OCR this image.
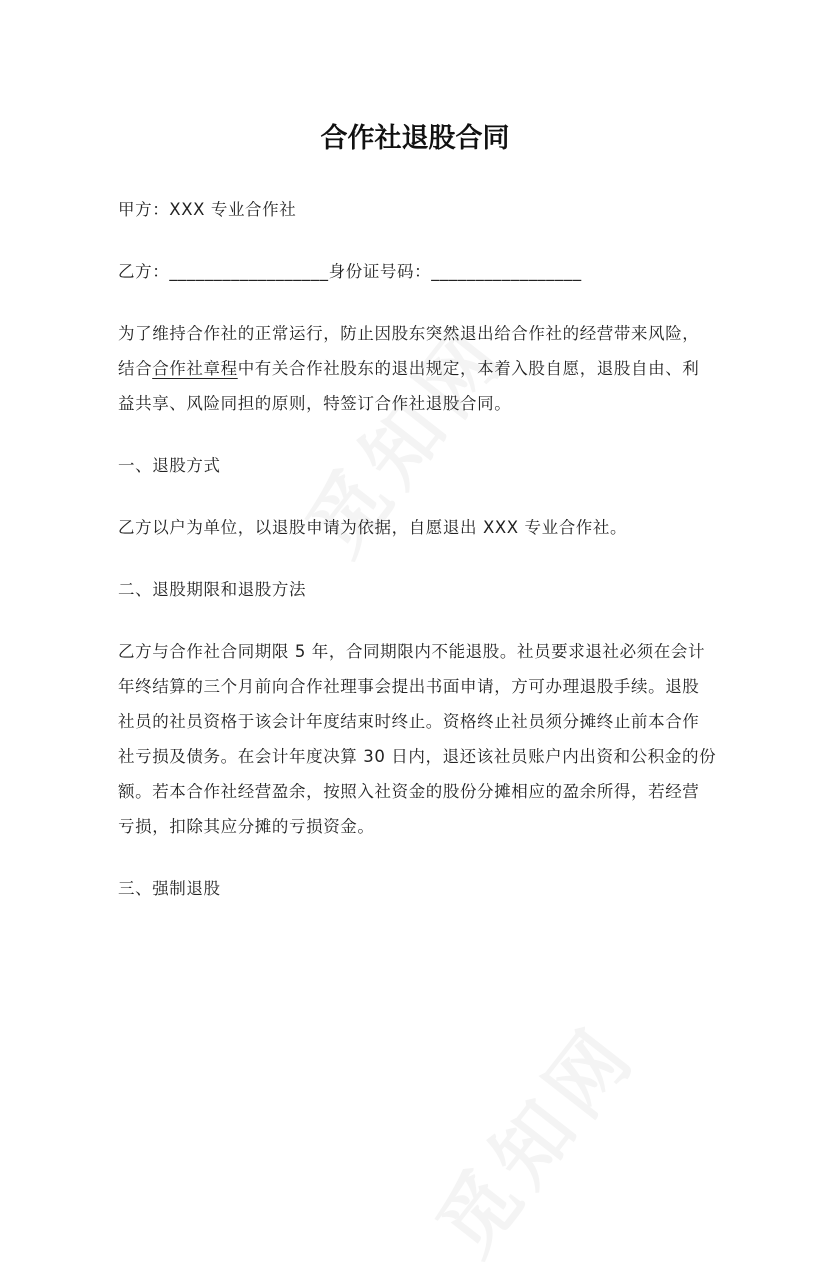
合作社退股合同
甲方：XXX 专业合作社
乙方：__________________身份证号码：_________________
为了维持合作社的正常运行，防止因股东突然退出给合作社的经营带来风险，
结合合作社章程中有关合作社股东的退出规定，本着入股自愿，退股自由、利
益共享、风险同担的原则，特签订合作社退股合同。
一、退股方式
乙方以户为单位，以退股申请为依据，自愿退出 XXX 专业合作社。
二、退股期限和退股方法
乙方与合作社合同期限 5 年，合同期限内不能退股。社员要求退社必须在会计
年终结算的三个月前向合作社理事会提出书面申请，方可办理退股手续。退股
社员的社员资格于该会计年度结束时终止。资格终止社员须分摊终止前本合作
社亏损及债务。在会计年度决算 30 日内，退还该社员账户内出资和公积金的份
额。若本合作社经营盈余，按照入社资金的股份分摊相应的盈余所得，若经营
亏损，扣除其应分摊的亏损资金。
三、强制退股
